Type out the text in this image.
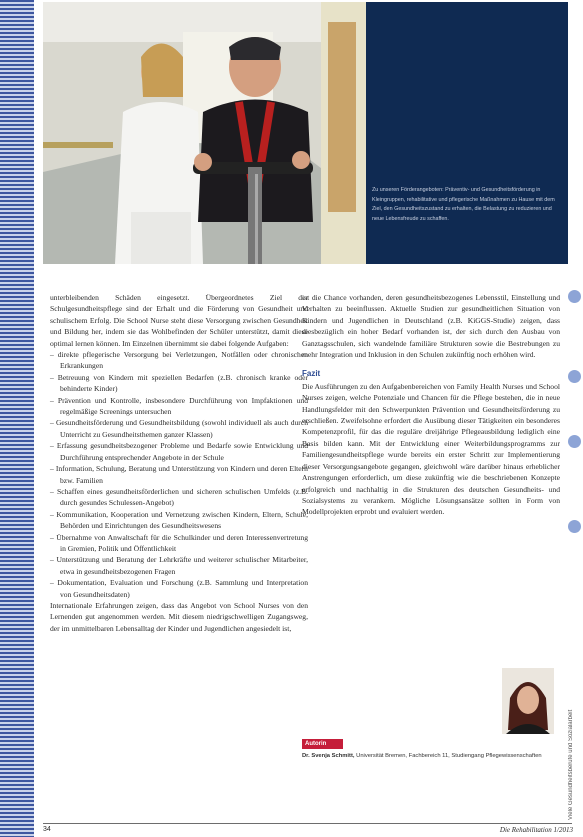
Zu unseren Förderangeboten: Präventiv- und Gesundheitsförderung in Kleingruppen, rehabilitative und pflegerische Maßnahmen zu Hause mit dem Ziel, den Gesundheitszustand zu erhalten, die Belastung zu reduzieren und neue Lebensfreude zu schaffen.

unterbleibenden Schäden eingesetzt. Übergeordnetes Ziel der Schulgesundheitspflege sind der Erhalt und die Förderung von Gesundheit und schulischem Erfolg. Die School Nurse steht diese Versorgung zwischen Gesundheit und Bildung her, indem sie das Wohlbefinden der Schüler unterstützt, damit diese optimal lernen können. Im Einzelnen übernimmt sie dabei folgende Aufgaben:

– direkte pflegerische Versorgung bei Verletzungen, Notfällen oder chronischen Erkrankungen
– Betreuung von Kindern mit speziellen Bedarfen (z.B. chronisch kranke oder behinderte Kinder)
– Prävention und Kontrolle, insbesondere Durchführung von Impfaktionen und regelmäßige Screenings untersuchen
– Gesundheitsförderung und Gesundheitsbildung (sowohl individuell als auch durch Unterricht zu Gesundheitsthemen ganzer Klassen)
– Erfassung gesundheitsbezogener Probleme und Bedarfe sowie Entwicklung und Durchführung entsprechender Angebote in der Schule
– Information, Schulung, Beratung und Unterstützung von Kindern und deren Eltern bzw. Familien
– Schaffen eines gesundheitsförderlichen und sicheren schulischen Umfelds (z.B. durch gesundes Schulessen-Angebot)
– Kommunikation, Kooperation und Vernetzung zwischen Kindern, Eltern, Schule, Behörden und Einrichtungen des Gesundheitswesens
– Übernahme von Anwaltschaft für die Schulkinder und deren Interessenvertretung in Gremien, Politik und Öffentlichkeit
– Unterstützung und Beratung der Lehrkräfte und weiterer schulischer Mitarbeiter, etwa in gesundheitsbezogenen Fragen
– Dokumentation, Evaluation und Forschung (z.B. Sammlung und Interpretation von Gesundheitsdaten)

Internationale Erfahrungen zeigen, dass das Angebot von School Nurses von den Lernenden gut angenommen werden. Mit diesem niedrigschwelligen Zugangsweg, der im unmittelbaren Lebensalltag der Kinder und Jugendlichen angesiedelt ist,

ist die Chance vorhanden, deren gesundheitsbezogenes Lebensstil, Einstellung und Verhalten zu beeinflussen. Aktuelle Studien zur gesundheitlichen Situation von Kindern und Jugendlichen in Deutschland (z.B. KiGGS-Studie) zeigen, dass diesbezüglich ein hoher Bedarf vorhanden ist, der sich durch den Ausbau von Ganztagsschulen, sich wandelnde familiäre Strukturen sowie die Bestrebungen zu mehr Integration und Inklusion in den Schulen zukünftig noch erhöhen wird.

Fazit

Die Ausführungen zu den Aufgabenbereichen von Family Health Nurses und School Nurses zeigen, welche Potenziale und Chancen für die Pflege bestehen, die in neue Handlungsfelder mit den Schwerpunkten Prävention und Gesundheitsförderung zu erschließen. Zweifelsohne erfordert die Ausübung dieser Tätigkeiten ein besonderes Kompetenzprofil, für das die reguläre dreijährige Pflegeausbildung lediglich eine Basis bilden kann. Mit der Entwicklung einer Weiterbildungsprogramms zur Familiengesundheitspflege wurde bereits ein erster Schritt zur Implementierung dieser Versorgungsangebote gegangen, gleichwohl wäre darüber hinaus erheblicher Anstrengungen erforderlich, um diese zukünftig wie die beschriebenen Konzepte erfolgreich und nachhaltig in die Strukturen des deutschen Gesundheits- und Sozialsystems zu verankern. Mögliche Lösungsansätze sollten in Form von Modellprojekten erprobt und evaluiert werden.

Autorin
Dr. Svenja Schmitt, Universität Bremen, Fachbereich 11, Studiengang Pflegewissenschaften
34	Die Rehabilitation 1/2013
Viele Gesundheitsberufe und Sozialarbeit
